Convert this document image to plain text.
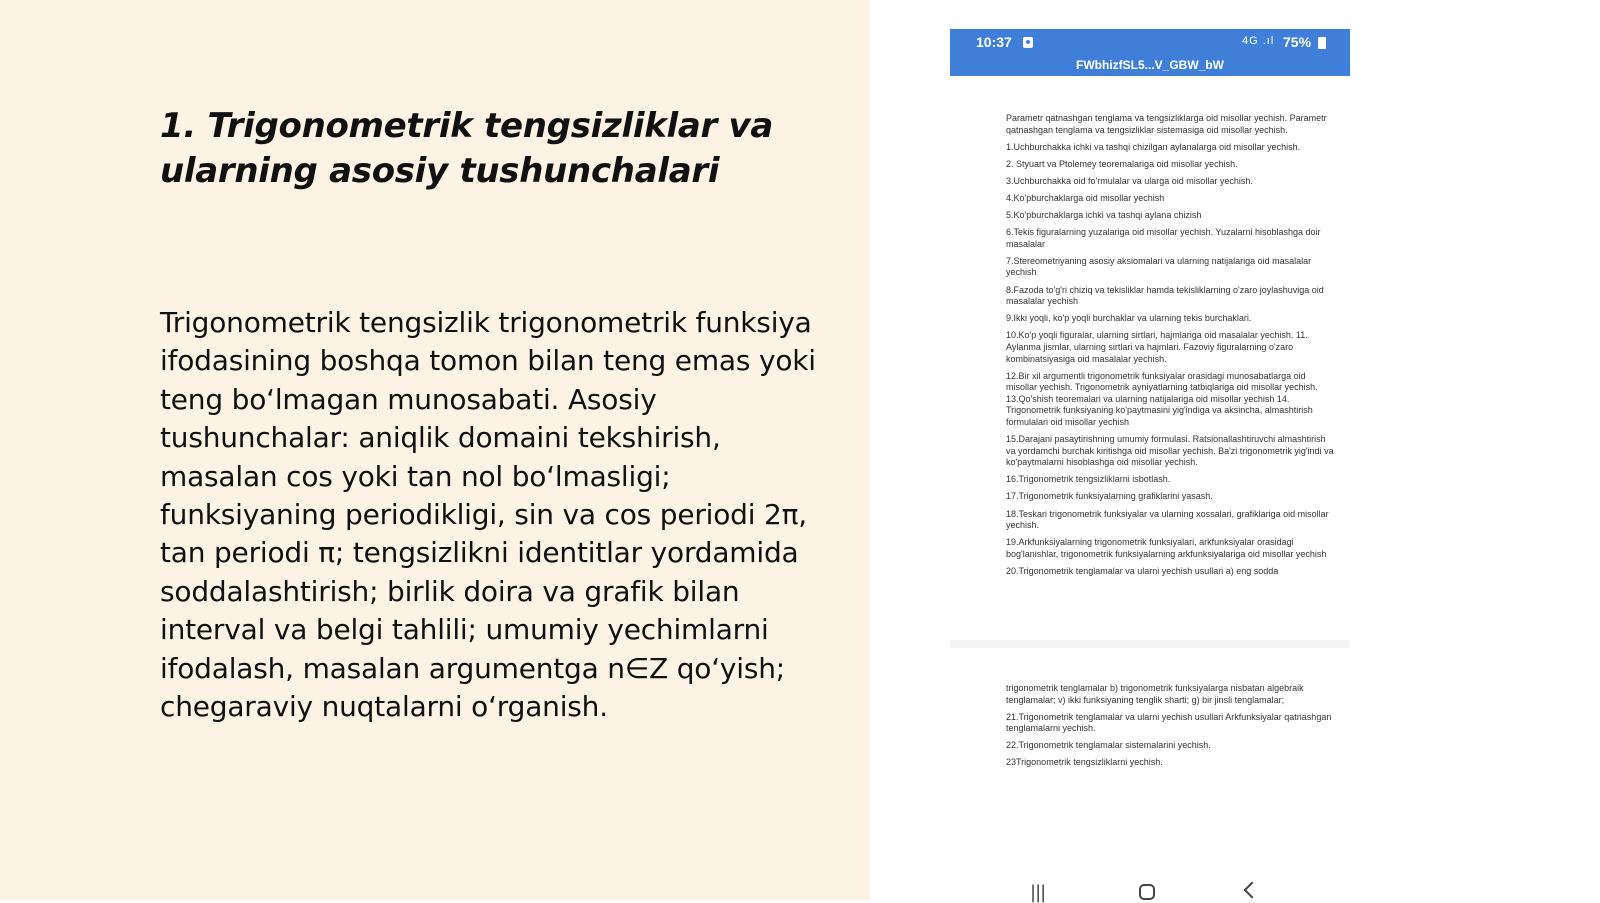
1. Trigonometrik tengsizliklar va ularning asosiy tushunchalari

Trigonometrik tengsizlik trigonometrik funksiya ifodasining boshqa tomon bilan teng emas yoki teng bo‘lmagan munosabati. Asosiy tushunchalar: aniqlik domaini tekshirish, masalan cos yoki tan nol bo‘lmasligi; funksiyaning periodikligi, sin va cos periodi 2π, tan periodi π; tengsizlikni identitlar yordamida soddalashtirish; birlik doira va grafik bilan interval va belgi tahlili; umumiy yechimlarni ifodalash, masalan argumentga n∈Z qo‘yish; chegaraviy nuqtalarni o‘rganish.

10:37	4G .ıl 75%
FWbhizfSL5...V_GBW_bW

Parametr qatnashgan tenglama va tengsizliklarga oid misollar yechish. Parametr qatnashgan tenglama va tengsizliklar sistemasiga oid misollar yechish.

1.Uchburchakka ichki va tashqi chizilgan aylanalarga oid misollar yechish.

2. Styuart va Ptolemey teoremalariga oid misollar yechish.

3.Uchburchakka oid fo'rmulalar va ularga oid misollar yechish.

4.Ko'pburchaklarga oid misollar yechish

5.Ko'pburchaklarga ichki va tashqi aylana chizish

6.Tekis figuralarning yuzalariga oid misollar yechish. Yuzalarni hisoblashga doir masalalar

7.Stereometriyaning asosiy aksiomalari va ularning natijalariga oid masalalar yechish

8.Fazoda to'g'ri chiziq va tekisliklar hamda tekisliklarning o'zaro joylashuviga oid masalalar yechish

9.Ikki yoqli, ko'p yoqli burchaklar va ularning tekis burchaklari.

10.Ko'p yoqli figuralar, ularning sirtlari, hajmlariga oid masalalar yechish. 11. Aylanma jismlar, ularning sirtlari va hajmlari. Fazoviy figuralarning o'zaro kombinatsiyasiga oid masalalar yechish.

12.Bir xil argumentli trigonometrik funksiyalar orasidagi munosabatlarga oid misollar yechish. Trigonometrik ayniyatlarning tatbiqlariga oid misollar yechish. 13.Qo'shish teoremalari va ularning natijalariga oid misollar yechish 14. Trigonometrik funksiyaning ko'paytmasini yig'indiga va aksincha, almashtirish formulalari oid misollar yechish

15.Darajani pasaytirishning umumiy formulasi. Ratsionallashtiruvchi almashtirish va yordamchi burchak kiritishga oid misollar yechish. Ba'zi trigonometrik yig'indi va ko'paytmalarni hisoblashga oid misollar yechish.

16.Trigonometrik tengsizliklarni isbotlash.

17.Trigonometrik funksiyalarning grafiklarini yasash.

18.Teskari trigonometrik funksiyalar va ularning xossalari, grafiklariga oid misollar yechish.

19.Arkfunksiyalarning trigonometrik funksiyalari, arkfunksiyalar orasidagi bog'lanishlar, trigonometrik funksiyalarning arkfunksiyalariga oid misollar yechish

20.Trigonometrik tenglamalar va ularni yechish usullari a) eng sodda

trigonometrik tenglamalar b) trigonometrik funksiyalarga nisbatan algebraik tenglamalar; v) ikki funksiyaning tenglik sharti; g) bir jinsli tenglamalar;

21.Trigonometrik tenglamalar va ularni yechish usullari Arkfunksiyalar qatnashgan tenglamalarni yechish.

22.Trigonometrik tenglamalar sistemalarini yechish.

23Trigonometrik tengsizliklarni yechish.

|||
